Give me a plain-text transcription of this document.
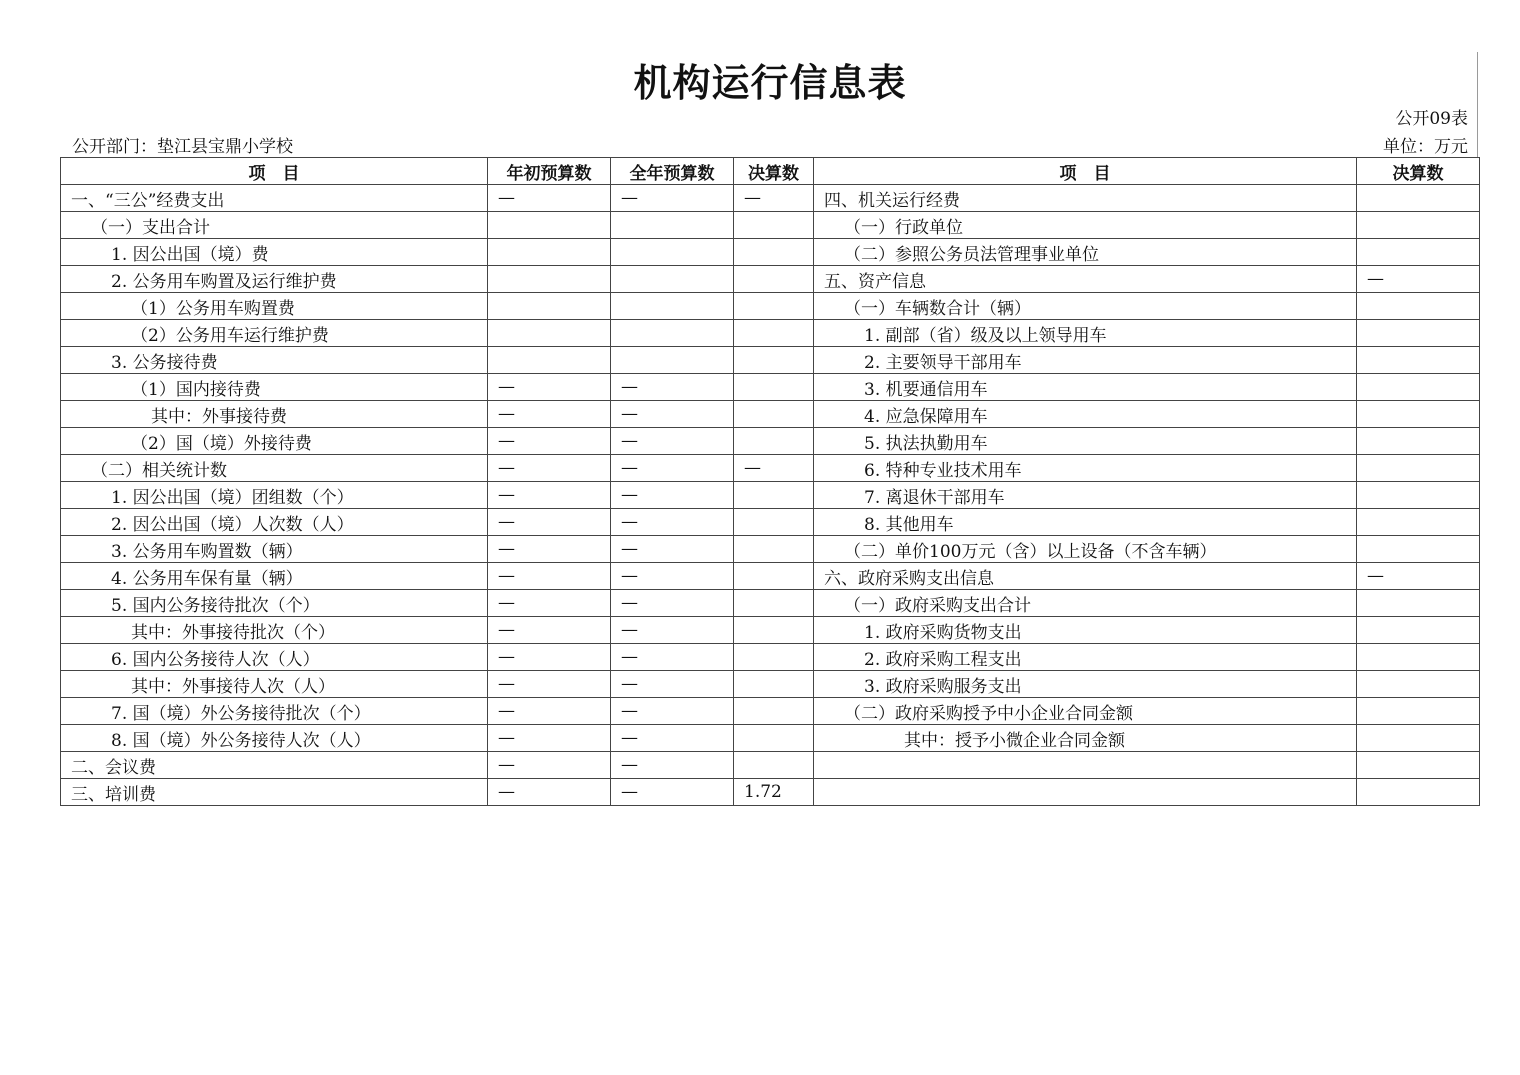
机构运行信息表
公开09表
公开部门：垫江县宝鼎小学校	单位：万元
项　目	年初预算数	全年预算数	决算数	项　目	决算数
一、“三公”经费支出	—	—	—	四、机关运行经费	
（一）支出合计				（一）行政单位	
1. 因公出国（境）费				（二）参照公务员法管理事业单位	
2. 公务用车购置及运行维护费				五、资产信息	—
（1）公务用车购置费				（一）车辆数合计（辆）	
（2）公务用车运行维护费				1. 副部（省）级及以上领导用车	
3. 公务接待费				2. 主要领导干部用车	
（1）国内接待费	—	—		3. 机要通信用车	
其中：外事接待费	—	—		4. 应急保障用车	
（2）国（境）外接待费	—	—		5. 执法执勤用车	
（二）相关统计数	—	—	—	6. 特种专业技术用车	
1. 因公出国（境）团组数（个）	—	—		7. 离退休干部用车	
2. 因公出国（境）人次数（人）	—	—		8. 其他用车	
3. 公务用车购置数（辆）	—	—		（二）单价100万元（含）以上设备（不含车辆）	
4. 公务用车保有量（辆）	—	—		六、政府采购支出信息	—
5. 国内公务接待批次（个）	—	—		（一）政府采购支出合计	
其中：外事接待批次（个）	—	—		1. 政府采购货物支出	
6. 国内公务接待人次（人）	—	—		2. 政府采购工程支出	
其中：外事接待人次（人）	—	—		3. 政府采购服务支出	
7. 国（境）外公务接待批次（个）	—	—		（二）政府采购授予中小企业合同金额	
8. 国（境）外公务接待人次（人）	—	—		其中：授予小微企业合同金额	
二、会议费	—	—			
三、培训费	—	—	1.72		
